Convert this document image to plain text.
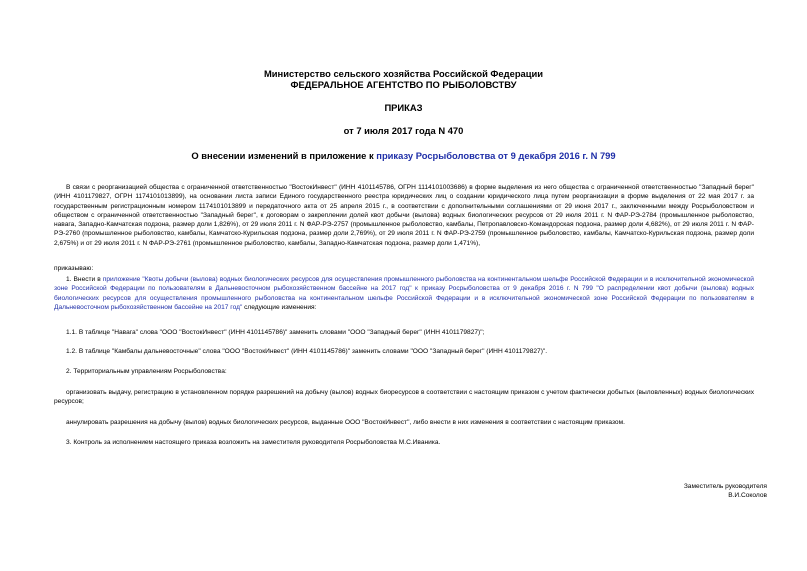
Министерство сельского хозяйства Российской Федерации
ФЕДЕРАЛЬНОЕ АГЕНТСТВО ПО РЫБОЛОВСТВУ
ПРИКАЗ
от 7 июля 2017 года N 470
О внесении изменений в приложение к приказу Росрыболовства от 9 декабря 2016 г. N 799

В связи с реорганизацией общества с ограниченной ответственностью "ВостокИнвест" (ИНН 4101145786, ОГРН 1114101003686) в форме выделения из него общества с ограниченной ответственностью "Западный берег" (ИНН 4101179827, ОГРН 1174101013899), на основании листа записи Единого государственного реестра юридических лиц о создании юридического лица путем реорганизации в форме выделения от 22 мая 2017 г. за государственным регистрационным номером 1174101013899 и передаточного акта от 25 апреля 2015 г., в соответствии с дополнительными соглашениями от 29 июня 2017 г., заключенными между Росрыболовством и обществом с ограниченной ответственностью "Западный берег", к договорам о закреплении долей квот добычи (вылова) водных биологических ресурсов от 29 июля 2011 г. N ФАР-РЭ-2784 (промышленное рыболовство, навага, Западно-Камчатская подзона, размер доли 1,826%), от 29 июля 2011 г. N ФАР-РЭ-2757 (промышленное рыболовство, камбалы, Петропавловско-Командорская подзона, размер доли 4,682%), от 29 июля 2011 г. N ФАР-РЭ-2760 (промышленное рыболовство, камбалы, Камчатско-Курильская подзона, размер доли 2,769%), от 29 июля 2011 г. N ФАР-РЭ-2759 (промышленное рыболовство, камбалы, Камчатско-Курильская подзона, размер доли 2,675%) и от 29 июля 2011 г. N ФАР-РЭ-2761 (промышленное рыболовство, камбалы, Западно-Камчатская подзона, размер доли 1,471%),

приказываю:

1. Внести в приложение "Квоты добычи (вылова) водных биологических ресурсов для осуществления промышленного рыболовства на континентальном шельфе Российской Федерации и в исключительной экономической зоне Российской Федерации по пользователям в Дальневосточном рыбохозяйственном бассейне на 2017 год" к приказу Росрыболовства от 9 декабря 2016 г. N 799 "О распределении квот добычи (вылова) водных биологических ресурсов для осуществления промышленного рыболовства на континентальном шельфе Российской Федерации и в исключительной экономической зоне Российской Федерации по пользователям в Дальневосточном рыбохозяйственном бассейне на 2017 год" следующие изменения:

1.1. В таблице "Навага" слова "ООО "ВостокИнвест" (ИНН 4101145786)" заменить словами "ООО "Западный берег" (ИНН 4101179827)";

1.2. В таблице "Камбалы дальневосточные" слова "ООО "ВостокИнвест" (ИНН 4101145786)" заменить словами "ООО "Западный берег" (ИНН 4101179827)".

2. Территориальным управлениям Росрыболовства:

организовать выдачу, регистрацию в установленном порядке разрешений на добычу (вылов) водных биоресурсов в соответствии с настоящим приказом с учетом фактически добытых (выловленных) водных биологических ресурсов;

аннулировать разрешения на добычу (вылов) водных биологических ресурсов, выданные ООО "ВостокИнвест", либо внести в них изменения в соответствии с настоящим приказом.

3. Контроль за исполнением настоящего приказа возложить на заместителя руководителя Росрыболовства М.С.Иваника.

Заместитель руководителя
В.И.Соколов
